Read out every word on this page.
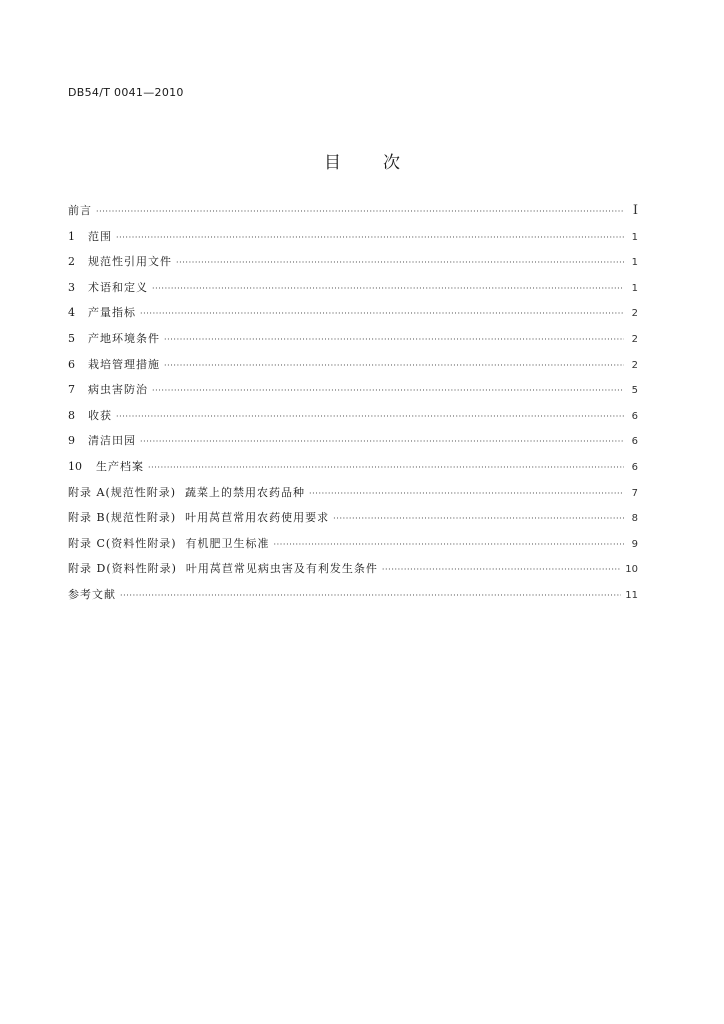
DB54/T 0041—2010
目 次
前言 ·····	I
1	范围 ·····	1
2	规范性引用文件 ·····	1
3	术语和定义 ·····	1
4	产量指标 ·····	2
5	产地环境条件 ·····	2
6	栽培管理措施 ·····	2
7	病虫害防治 ·····	5
8	收获 ·····	6
9	清洁田园 ·····	6
10	生产档案 ·····	6
附录 A(规范性附录)  蔬菜上的禁用农药品种 ·····	7
附录 B(规范性附录)  叶用莴苣常用农药使用要求 ·····	8
附录 C(资料性附录)  有机肥卫生标准 ·····	9
附录 D(资料性附录)  叶用莴苣常见病虫害及有利发生条件 ·····	10
参考文献 ·····	11
